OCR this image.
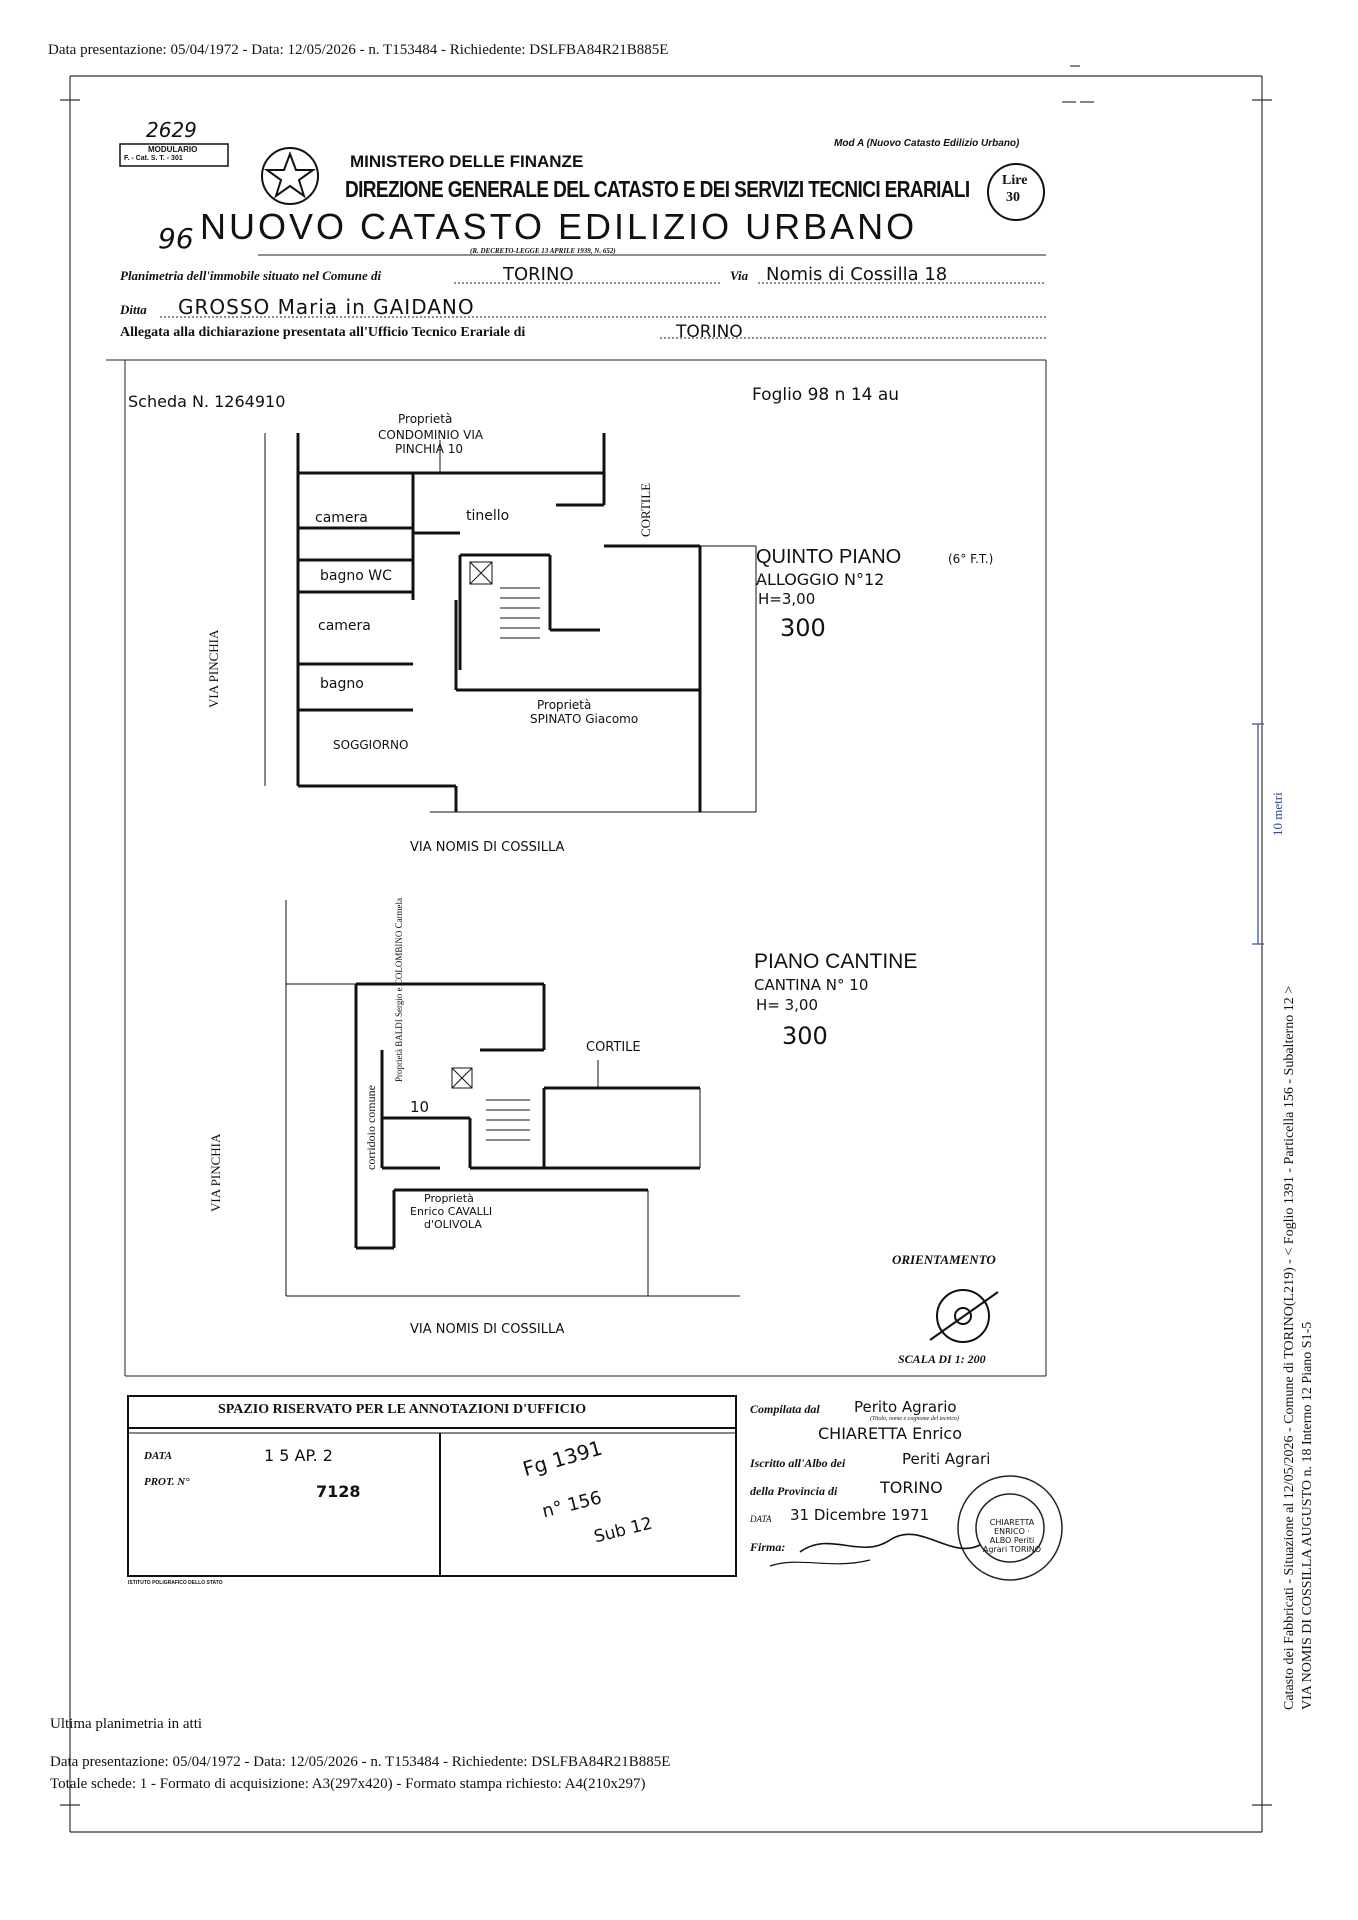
Data presentazione: 05/04/1972 - Data: 12/05/2026 - n. T153484 - Richiedente: DSLFBA84R21B885E
2629
MODULARIO
F. - Cat. S. T. - 301	MINISTERO DELLE FINANZE
Mod A (Nuovo Catasto Edilizio Urbano)
DIREZIONE GENERALE DEL CATASTO E DEI SERVIZI TECNICI ERARIALI Lire
30
96 NUOVO CATASTO EDILIZIO URBANO
(R. DECRETO-LEGGE 13 APRILE 1939, N. 652)
Planimetria dell'immobile situato nel Comune di	TORINO	Via Nomis di Cossilla 18
Ditta GROSSO Maria in GAIDANO
Allegata alla dichiarazione presentata all'Ufficio Tecnico Erariale di	TORINO
Scheda N. 1264910	Foglio 98 n 14 au
Proprietà
CONDOMINIO VIA
PINCHIA 10
CORTILE
camera	tinello
bagno WC
camera
bagno
SOGGIORNO
Proprietà
SPINATO Giacomo
VIA PINCHIA
VIA NOMIS DI COSSILLA
QUINTO PIANO	(6° F.T.)
ALLOGGIO N°12
H=3,00
300
PIANO CANTINE
CANTINA N° 10
H= 3,00
300
CORTILE
corridoio comune
Proprietà BALDI Sergio e COLOMBINO Carmela
10
Proprietà
Enrico CAVALLI
d'OLIVOLA
VIA PINCHIA
VIA NOMIS DI COSSILLA
ORIENTAMENTO
SCALA DI 1: 200
SPAZIO RISERVATO PER LE ANNOTAZIONI D'UFFICIO
DATA
PROT. N°
1 5 AP. 2
7128
Fg 1391
n° 156
Sub 12
ISTITUTO POLIGRAFICO DELLO STATO
Compilata dal Perito Agrario
(Titolo, nome e cognome del tecnico)
CHIARETTA Enrico
Iscritto all'Albo dei	Periti Agrari
della Provincia di	TORINO
DATA 31 Dicembre 1971
Firma:
CHIARETTA ENRICO · ALBO Periti Agrari TORINO
10 metri
Catasto dei Fabbricati - Situazione al 12/05/2026 - Comune di TORINO(L219) - < Foglio 1391 - Particella 156 - Subalterno 12 > VIA NOMIS DI COSSILLA AUGUSTO n. 18 Interno 12 Piano S1-5
Ultima planimetria in atti
Data presentazione: 05/04/1972 - Data: 12/05/2026 - n. T153484 - Richiedente: DSLFBA84R21B885E
Totale schede: 1 - Formato di acquisizione: A3(297x420) - Formato stampa richiesto: A4(210x297)
